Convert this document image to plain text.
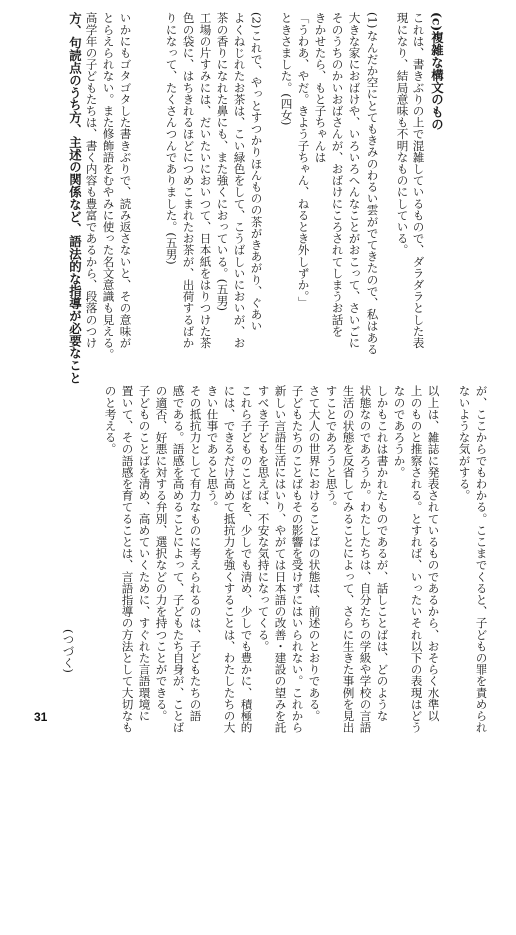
(c)複雑な構文のもの
これは、書きぶりの上で混雑しているもので、ダラダラとした表
現になり、結局意味も不明なものにしている。
(1)
なんだか空にとてもきみのわるい雲がでてきたので、私はある
大きな家におばけや、いろいろへんなことがおこって、さいごに
そのうちのかいおばさんが、おばけにころされてしまうお話を
きかせたら、もと子ちゃんは
「うわあ、やだ。きよう子ちゃん、ねるとき外しずか。」
ときさました。(四女)
(2)
これで、やっとすつかりほんものの茶がきあがり、ぐあい
よくねじれたお茶は、こい緑色をして、こうばしいにおいが、お
茶の香りになれた鼻にも、また強くにおっている。(五男)
工場の片すみには、だいたいにおいつて、日本紙をはりつけた茶
色の袋に、はちきれるほどにつめこまれたお茶が、出荷するばか
りになって、たくさんつんでありました。(五男)
いかにもゴタゴタした書きぶりで、読み返さないと、その意味が
とらえられない。また修飾語をむやみに使った名文意識も見える。
高学年の子どもたちは、書く内容も豊富であるから、段落のつけ
方、句読点のうち方、主述の関係など、語法的な指導が必要なこと
が、ここからでもわかる。ここまでくると、子どもの罪を責められ
ないような気がする。
以上は、雑誌に発表されているものであるから、おそらく水準以
上のものと推察される。とすれば、いったいそれ以下の表現はどう
なのであろうか。
しかもこれは書かれたものであるが、話しことばは、どのような
状態なのであろうか。わたしたちは、自分たちの学級や学校の言語
生活の状態を反省してみることによって、さらに生きた事例を見出
すことであろうと思う。
さて大人の世界におけることばの状態は、前述のとおりである。
子どもたちのことばもその影響を受けずにはいられない。これから
新しい言語生活にはいり、やがては日本語の改善・建設の望みを託
すべき子どもを思えば、不安な気持になってくる。
これら子どものことばを、少しでも清め、少しでも豊かに、積極的
には、できるだけ高めて抵抗力を強くすることは、わたしたちの大
きい仕事であると思う。
その抵抗力として有力なものに考えられるのは、子どもたちの語
感である。語感を高めることによって、子どもたち自身が、ことば
の適否、好悪に対する弁別、選択などの力を持つことができる。
子どものことばを清め、高めていくために、すぐれた言語環境に
置いて、その語感を育てることは、言語指導の方法として大切なも
のと考える。
(つづく)
31
